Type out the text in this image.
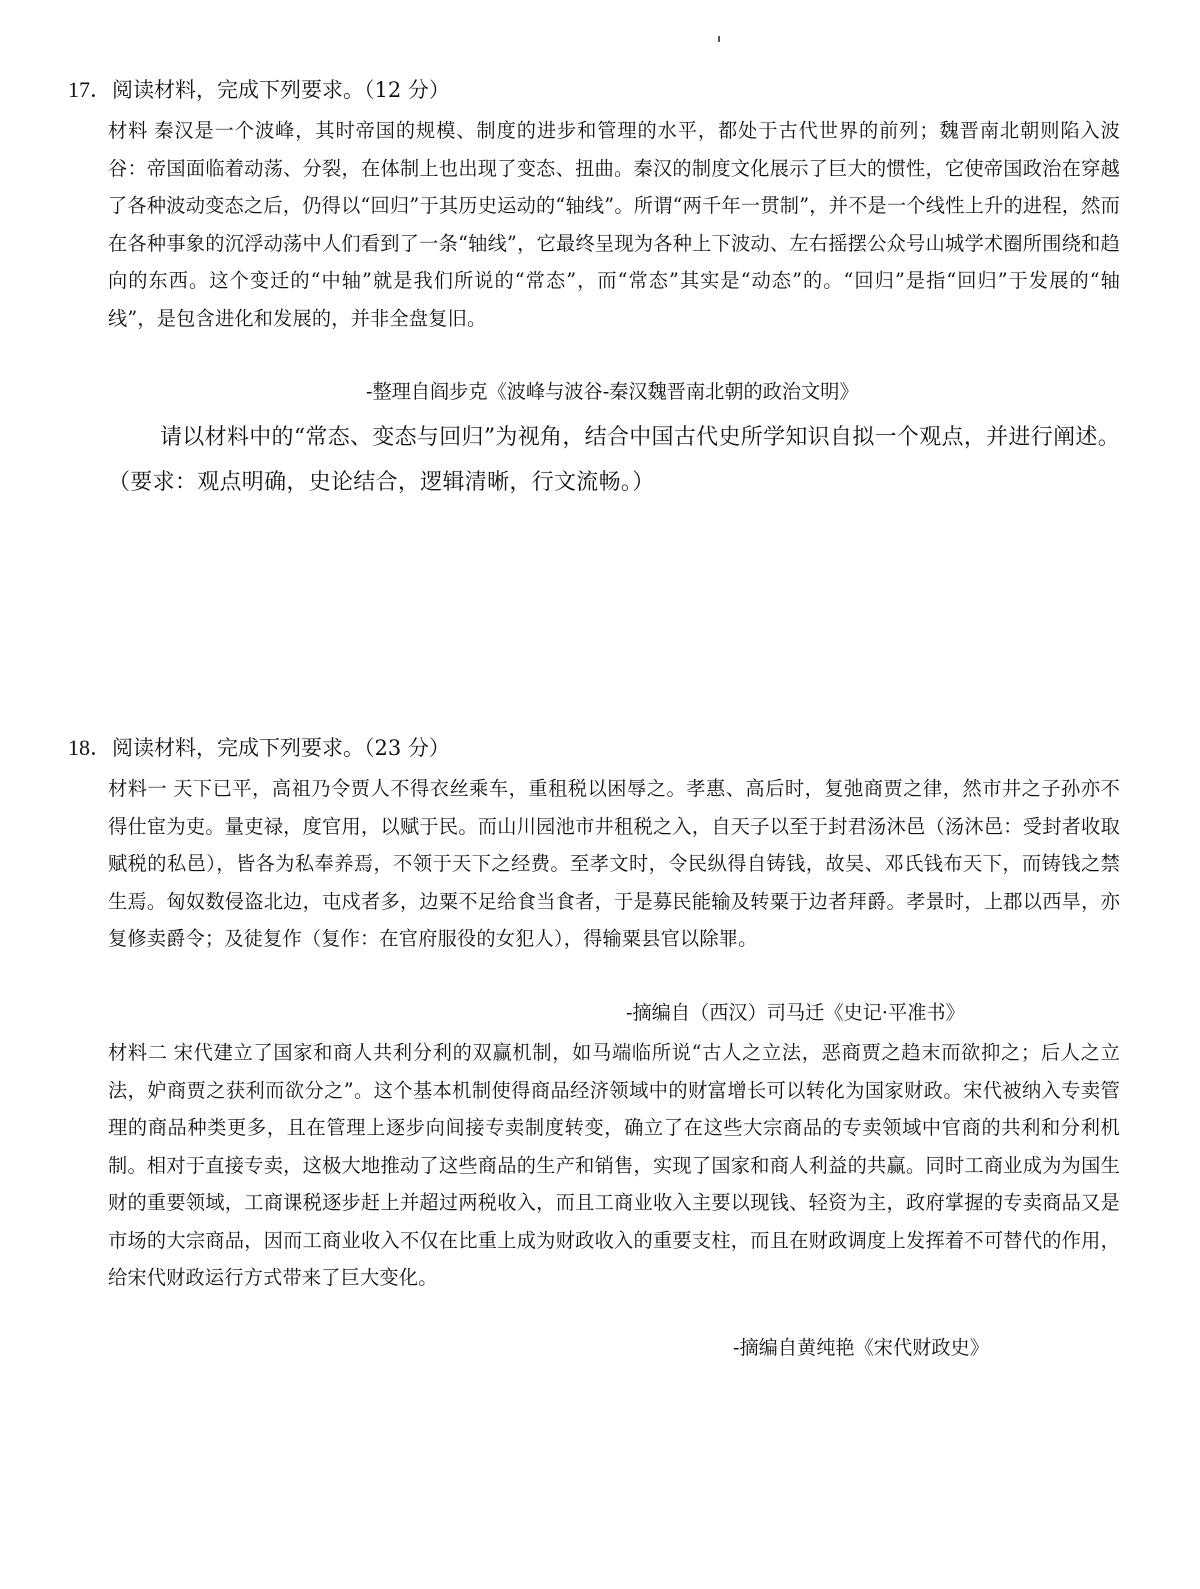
17．阅读材料，完成下列要求。（12 分）
材料 秦汉是一个波峰，其时帝国的规模、制度的进步和管理的水平，都处于古代世界的前列；魏晋南北朝则陷入波谷：帝国面临着动荡、分裂，在体制上也出现了变态、扭曲。秦汉的制度文化展示了巨大的惯性，它使帝国政治在穿越了各种波动变态之后，仍得以“回归”于其历史运动的“轴线”。所谓“两千年一贯制”，并不是一个线性上升的进程，然而在各种事象的沉浮动荡中人们看到了一条“轴线”，它最终呈现为各种上下波动、左右摇摆公众号山城学术圈所围绕和趋向的东西。这个变迁的“中轴”就是我们所说的“常态”，而“常态”其实是“动态”的。“回归”是指“回归”于发展的“轴线”，是包含进化和发展的，并非全盘复旧。
-整理自阎步克《波峰与波谷-秦汉魏晋南北朝的政治文明》
请以材料中的“常态、变态与回归”为视角，结合中国古代史所学知识自拟一个观点，并进行阐述。（要求：观点明确，史论结合，逻辑清晰，行文流畅。）
18．阅读材料，完成下列要求。（23 分）
材料一 天下已平，高祖乃令贾人不得衣丝乘车，重租税以困辱之。孝惠、高后时，复弛商贾之律，然市井之子孙亦不得仕宦为吏。量吏禄，度官用，以赋于民。而山川园池市井租税之入，自天子以至于封君汤沐邑（汤沐邑：受封者收取赋税的私邑），皆各为私奉养焉，不领于天下之经费。至孝文时，令民纵得自铸钱，故吴、邓氏钱布天下，而铸钱之禁生焉。匈奴数侵盗北边，屯戍者多，边粟不足给食当食者，于是募民能输及转粟于边者拜爵。孝景时，上郡以西旱，亦复修卖爵令；及徒复作（复作：在官府服役的女犯人），得输粟县官以除罪。
-摘编自（西汉）司马迁《史记·平准书》
材料二 宋代建立了国家和商人共利分利的双赢机制，如马端临所说“古人之立法，恶商贾之趋末而欲抑之；后人之立法，妒商贾之获利而欲分之”。这个基本机制使得商品经济领域中的财富增长可以转化为国家财政。宋代被纳入专卖管理的商品种类更多，且在管理上逐步向间接专卖制度转变，确立了在这些大宗商品的专卖领域中官商的共利和分利机制。相对于直接专卖，这极大地推动了这些商品的生产和销售，实现了国家和商人利益的共赢。同时工商业成为为国生财的重要领域，工商课税逐步赶上并超过两税收入，而且工商业收入主要以现钱、轻资为主，政府掌握的专卖商品又是市场的大宗商品，因而工商业收入不仅在比重上成为财政收入的重要支柱，而且在财政调度上发挥着不可替代的作用，给宋代财政运行方式带来了巨大变化。
-摘编自黄纯艳《宋代财政史》
